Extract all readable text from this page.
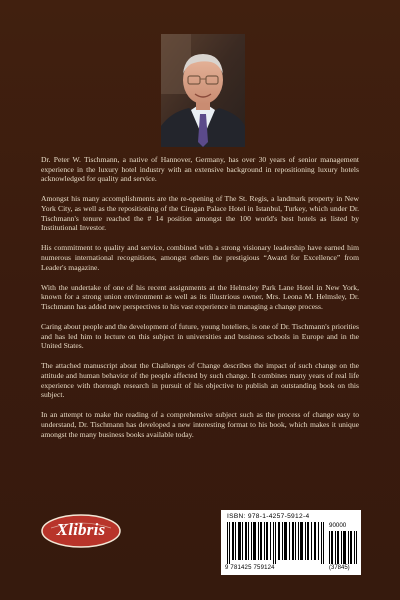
Dr. Peter W. Tischmann, a native of Hannover, Germany, has over 30 years of senior management experience in the luxury hotel industry with an extensive background in repositioning luxury hotels acknowledged for quality and service.

Amongst his many accomplishments are the re-opening of The St. Regis, a landmark property in New York City, as well as the repositioning of the Ciragan Palace Hotel in Istanbul, Turkey, which under Dr. Tischmann's tenure reached the # 14 position amongst the 100 world's best hotels as listed by Institutional Investor.

His commitment to quality and service, combined with a strong visionary leadership have earned him numerous international recognitions, amongst others the prestigious “Award for Excellence” from Leader's magazine.

With the undertake of one of his recent assignments at the Helmsley Park Lane Hotel in New York, known for a strong union environment as well as its illustrious owner, Mrs. Leona M. Helmsley, Dr. Tischmann has added new perspectives to his vast experience in managing a change process.

Caring about people and the development of future, young hoteliers, is one of Dr. Tischmann's priorities and has led him to lecture on this subject in universities and business schools in Europe and in the United States.

The attached manuscript about the Challenges of Change describes the impact of such change on the attitude and human behavior of the people affected by such change. It combines many years of real life experience with thorough research in pursuit of his objective to publish an outstanding book on this subject.

In an attempt to make the reading of a comprehensive subject such as the process of change easy to understand, Dr. Tischmann has developed a new interesting format to his book, which makes it unique amongst the many business books available today.

Xlibris
ISBN: 978-1-4257-5912-4
90000
9 781425 759124	(37845)
